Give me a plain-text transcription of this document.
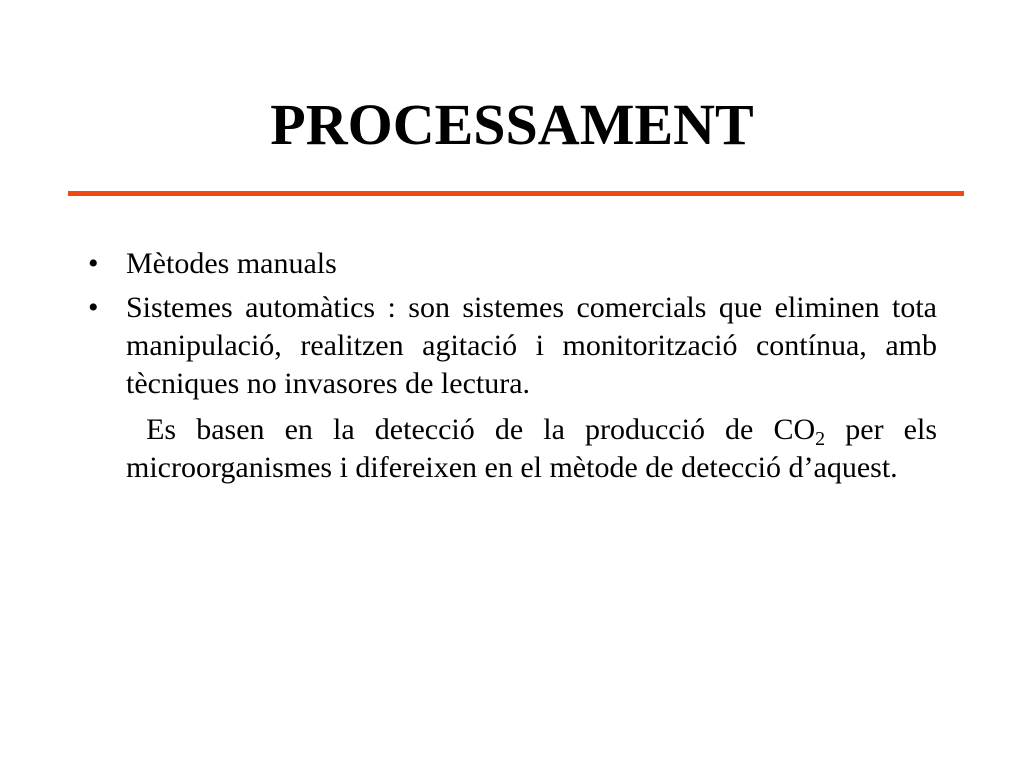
PROCESSAMENT
• Mètodes manuals
• Sistemes automàtics : son sistemes comercials que eliminen tota manipulació, realitzen agitació i monitorització contínua, amb tècniques no invasores de lectura.
Es basen en la detecció de la producció de $CO_2$ per els microorganismes i difereixen en el mètode de detecció d’aquest.
